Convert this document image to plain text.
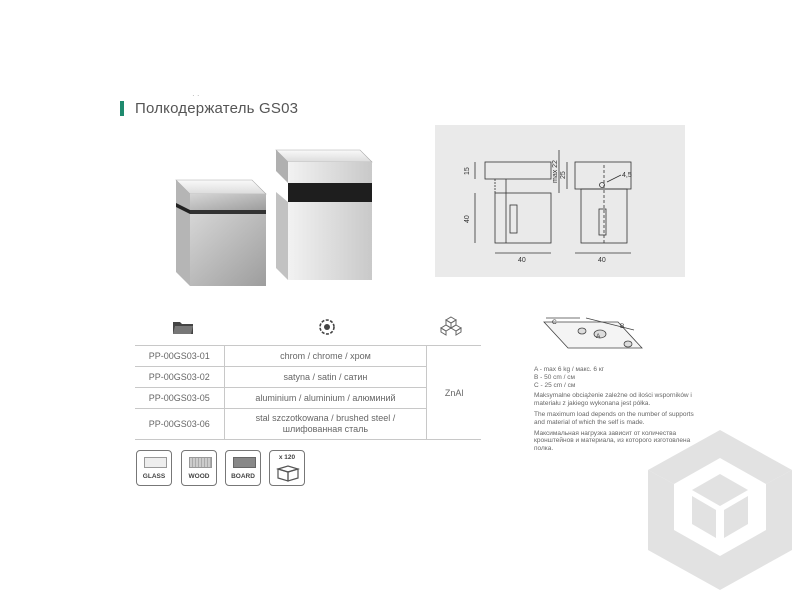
· ·
Полкодержатель GS03
15
40
40
max 22 25	4,5
40
PP-00GS03-01	chrom / chrome / хром	ZnAl
PP-00GS03-02	satyna / satin / сатин	
PP-00GS03-05	aluminium / aluminium / алюминий	
PP-00GS03-06	stal szczotkowana / brushed steel / шлифованная сталь	
GLASS	WOOD	BOARD
x 120
A
B
C
A - max 6 kg / макс. 6 кг
B - 50 cm / см

C - 25 cm / см

Maksymalne obciążenie zależne od ilości wsporników i materiału z jakiego wykonana jest półka.

The maximum load depends on the number of supports and material of which the self is made.

Максимальная нагрузка зависит от количества кронштейнов и материала, из которого изготовлена полка.
